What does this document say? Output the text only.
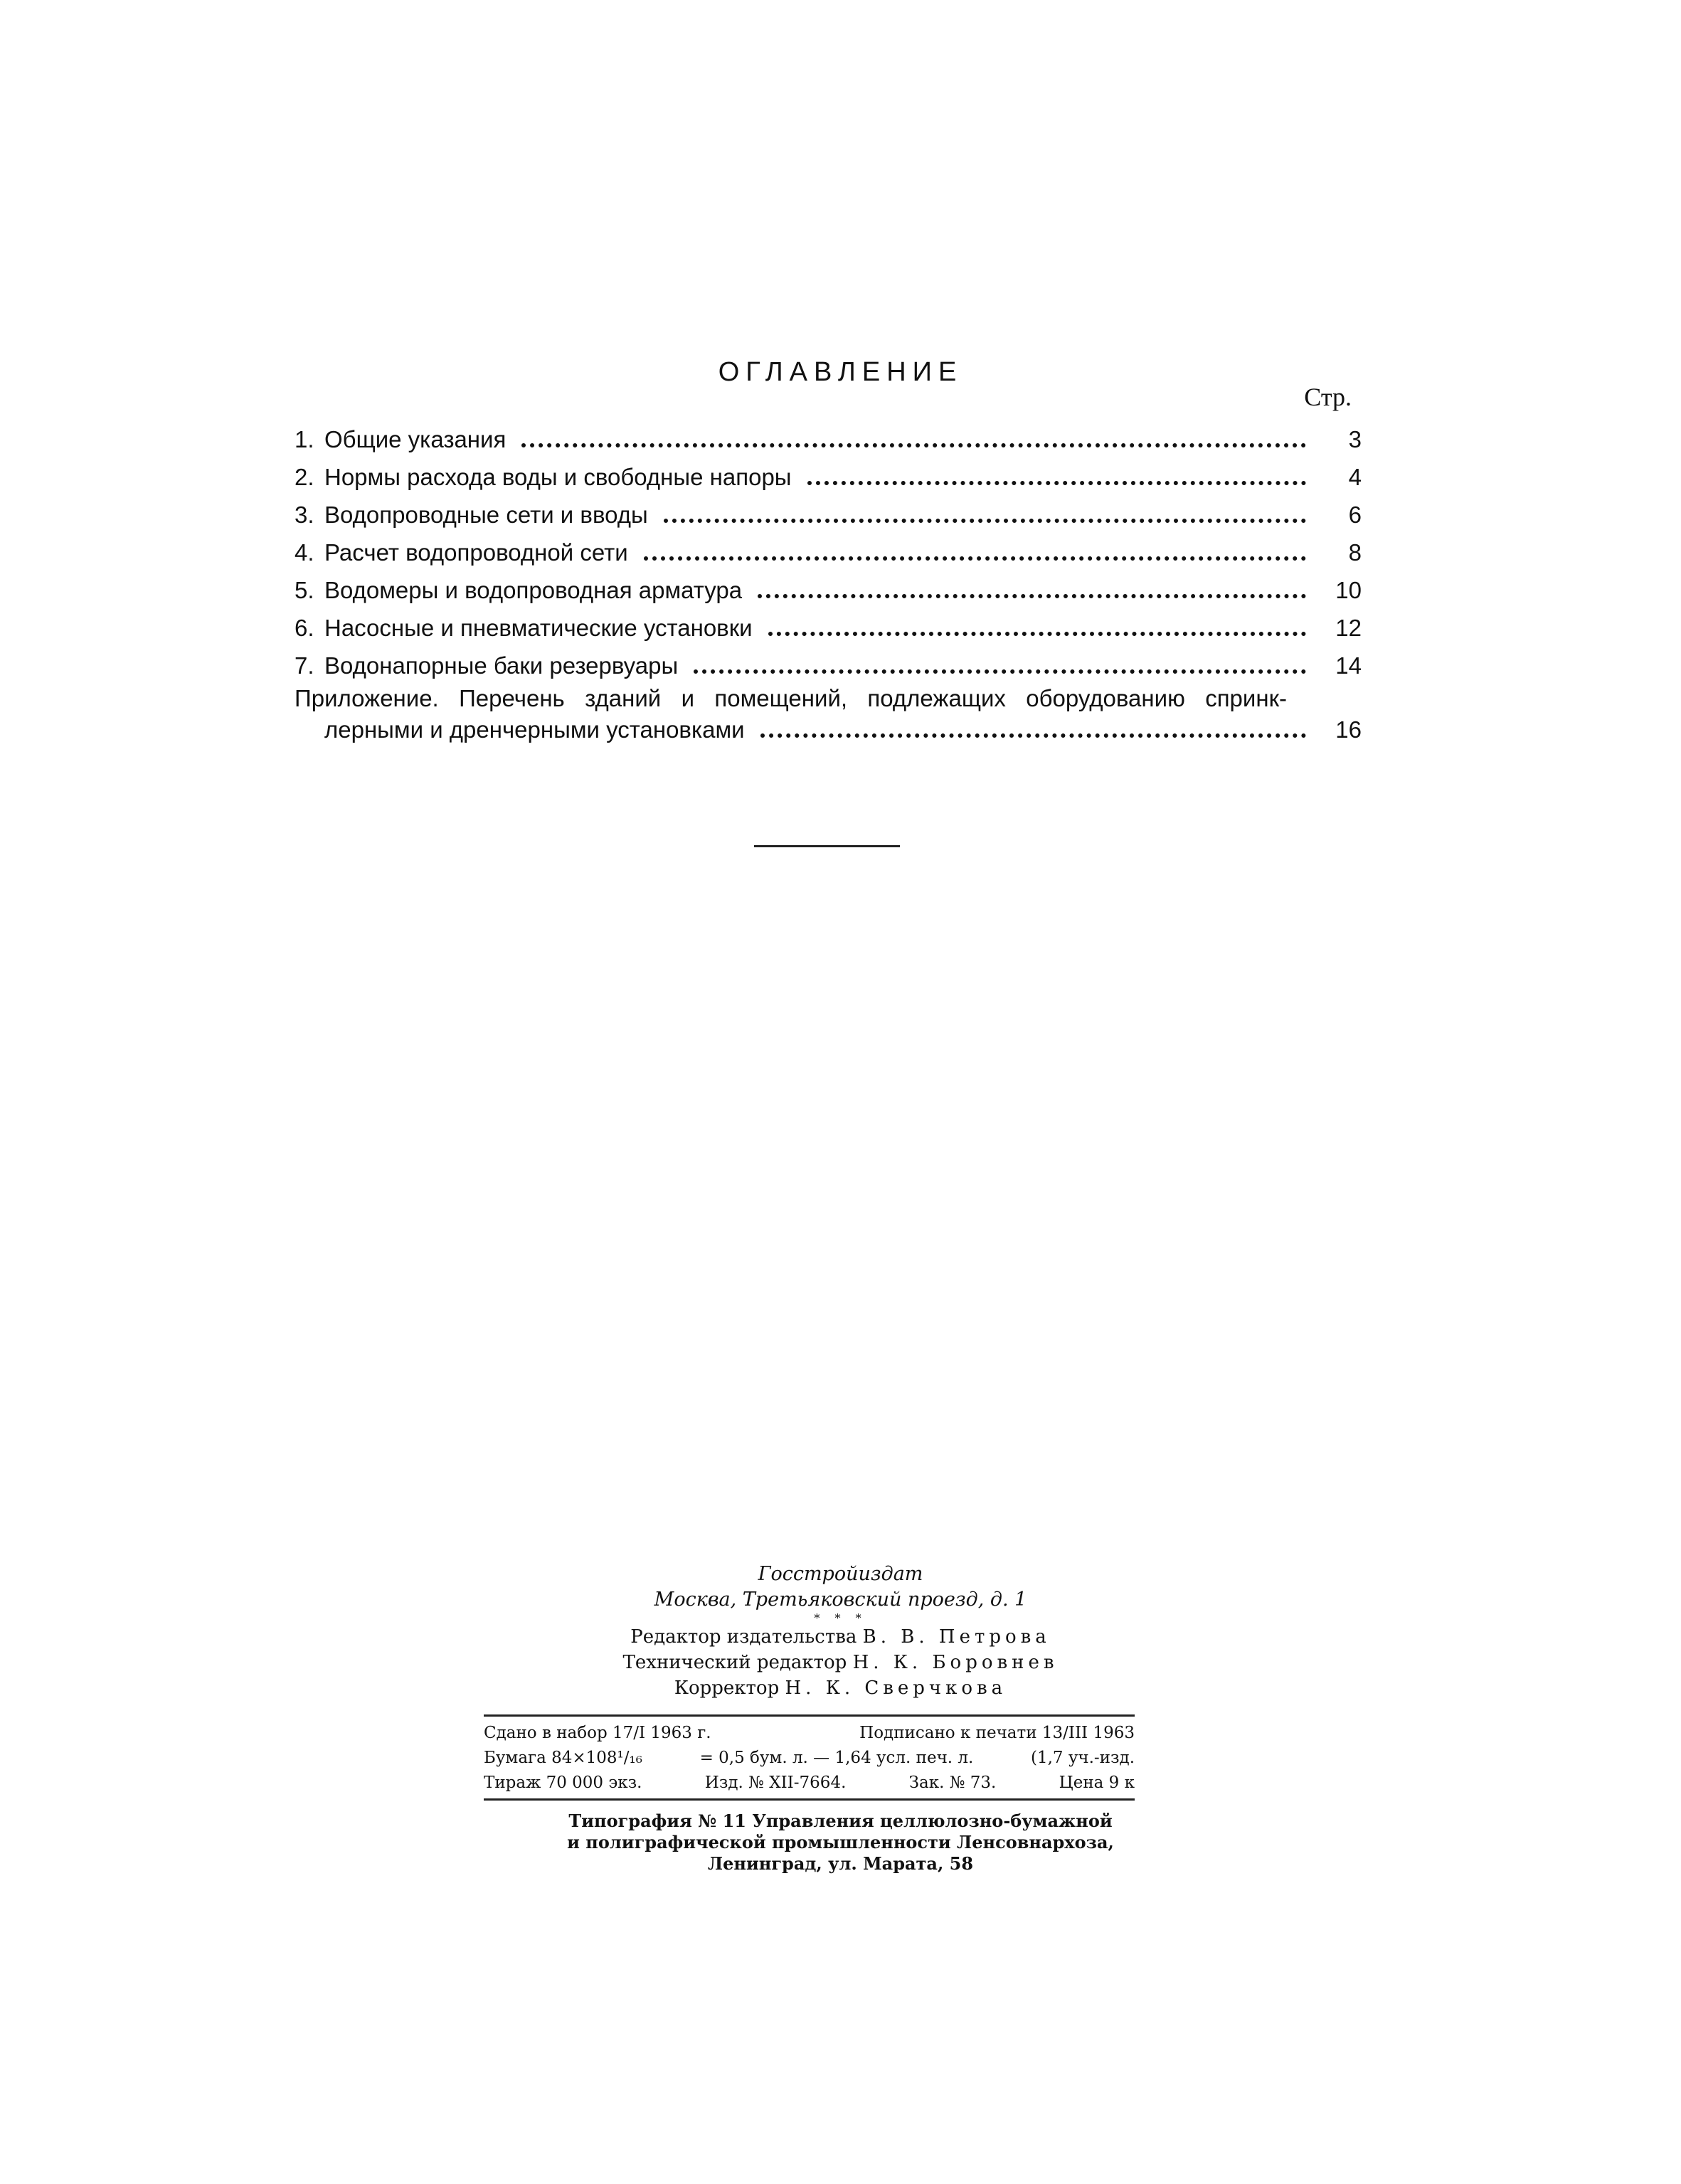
ОГЛАВЛЕНИЕ
Стр.
1. Общие указания	3
2. Нормы расхода воды и свободные напоры	4
3. Водопроводные сети и вводы	6
4. Расчет водопроводной сети	8
5. Водомеры и водопроводная арматура	10
6. Насосные и пневматические установки	12
7. Водонапорные баки резервуары	14
Приложение. Перечень зданий и помещений, подлежащих оборудованию спринк-
лерными и дренчерными установками	16
Госстройиздат
Москва, Третьяковский проезд, д. 1
* * *
Редактор издательства В. В. Петрова
Технический редактор Н. К. Боровнев
Корректор Н. К. Сверчкова
Сдано в набор 17/I 1963 г.	Подписано к печати 13/III 1963
Бумага 84×108¹/₁₆	= 0,5 бум. л. — 1,64 усл. печ. л.	(1,7 уч.-изд.
Тираж 70 000 экз.	Изд. № XII-7664.	Зак. № 73.	Цена 9 к
Типография № 11 Управления целлюлозно-бумажной
и полиграфической промышленности Ленсовнархоза,
Ленинград, ул. Марата, 58
